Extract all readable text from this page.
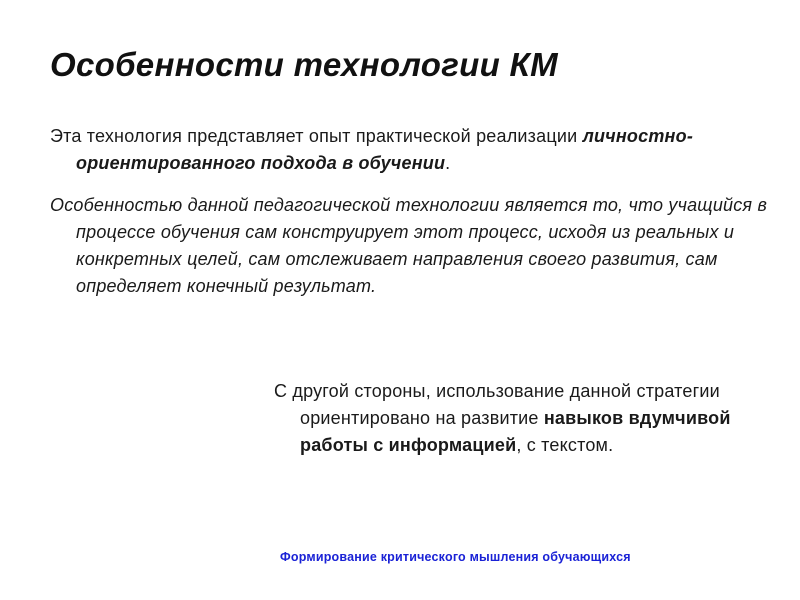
Особенности технологии КМ

Эта технология представляет опыт практической реализации личностно-ориентированного подхода в обучении.

Особенностью данной педагогической технологии является то, что учащийся в процессе обучения сам конструирует этот процесс, исходя из реальных и конкретных целей, сам отслеживает направления своего развития, сам определяет конечный результат.

С другой стороны, использование данной стратегии ориентировано на развитие навыков вдумчивой работы с информацией, с текстом.

Формирование критического мышления обучающихся
